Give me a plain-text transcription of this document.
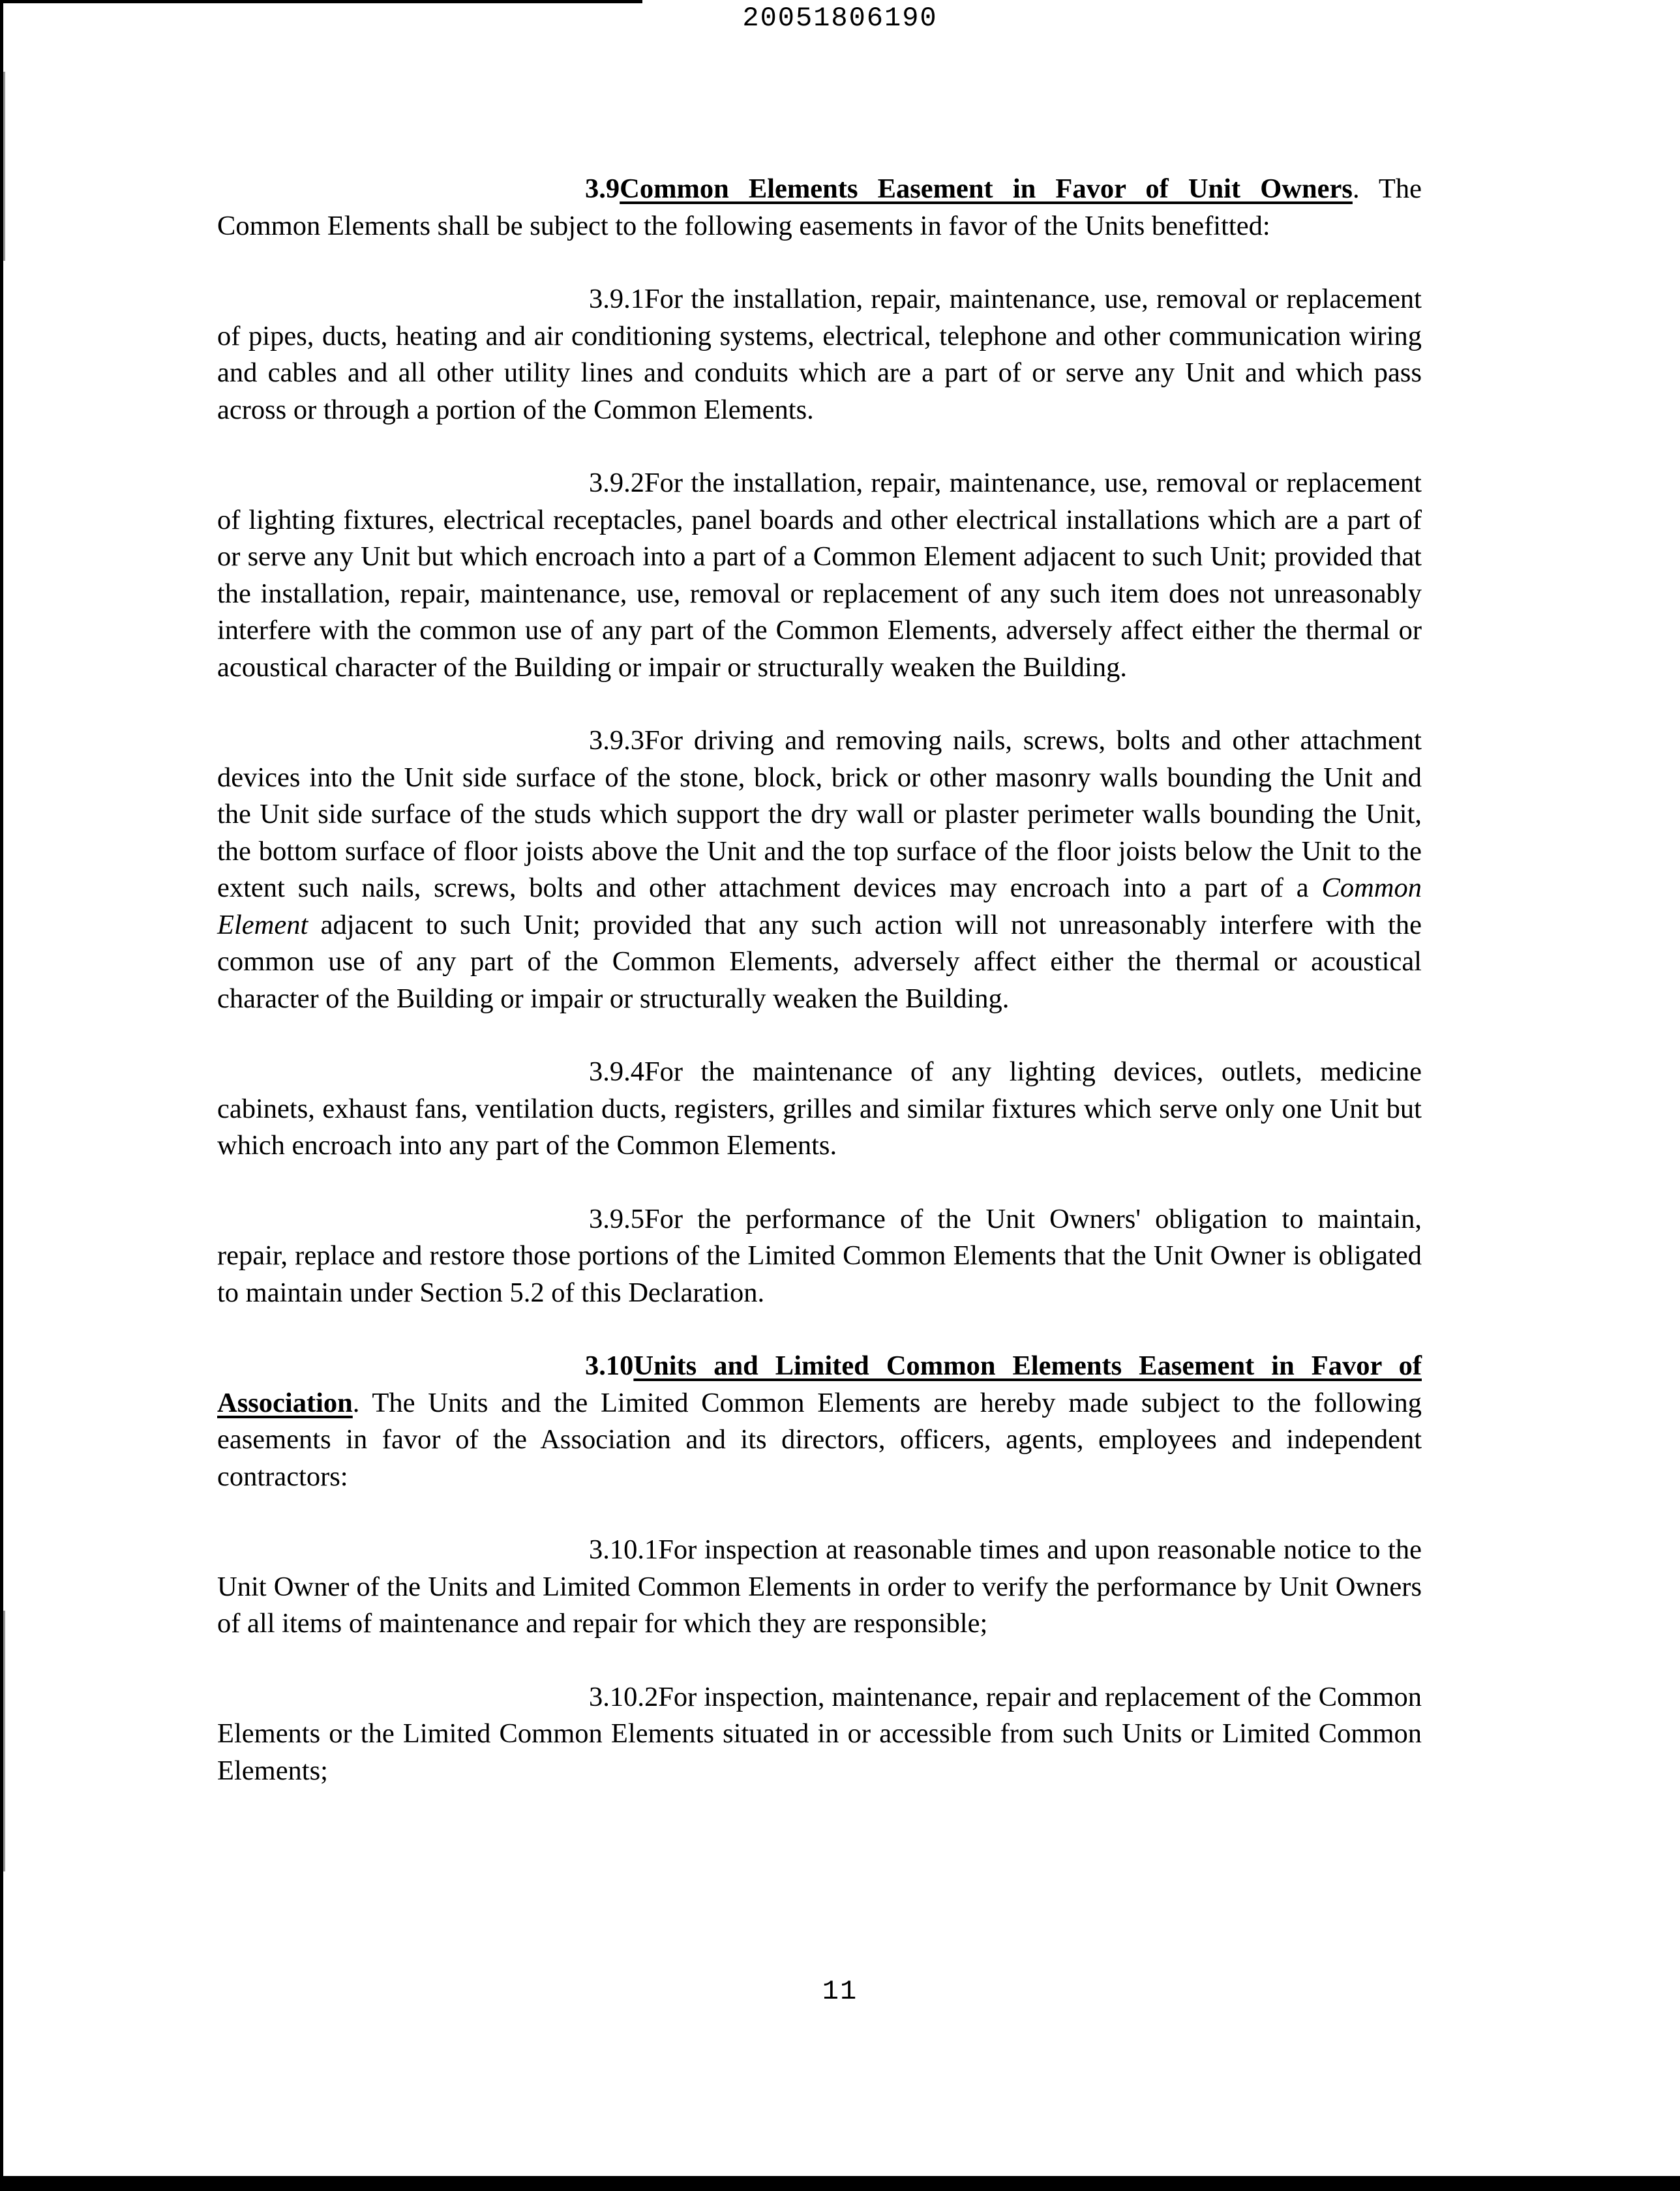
20051806190

3.9Common Elements Easement in Favor of Unit Owners. The Common Elements shall be subject to the following easements in favor of the Units benefitted:

3.9.1For the installation, repair, maintenance, use, removal or replacement of pipes, ducts, heating and air conditioning systems, electrical, telephone and other communication wiring and cables and all other utility lines and conduits which are a part of or serve any Unit and which pass across or through a portion of the Common Elements.

3.9.2For the installation, repair, maintenance, use, removal or replacement of lighting fixtures, electrical receptacles, panel boards and other electrical installations which are a part of or serve any Unit but which encroach into a part of a Common Element adjacent to such Unit; provided that the installation, repair, maintenance, use, removal or replacement of any such item does not unreasonably interfere with the common use of any part of the Common Elements, adversely affect either the thermal or acoustical character of the Building or impair or structurally weaken the Building.

3.9.3For driving and removing nails, screws, bolts and other attachment devices into the Unit side surface of the stone, block, brick or other masonry walls bounding the Unit and the Unit side surface of the studs which support the dry wall or plaster perimeter walls bounding the Unit, the bottom surface of floor joists above the Unit and the top surface of the floor joists below the Unit to the extent such nails, screws, bolts and other attachment devices may encroach into a part of a Common Element adjacent to such Unit; provided that any such action will not unreasonably interfere with the common use of any part of the Common Elements, adversely affect either the thermal or acoustical character of the Building or impair or structurally weaken the Building.

3.9.4For the maintenance of any lighting devices, outlets, medicine cabinets, exhaust fans, ventilation ducts, registers, grilles and similar fixtures which serve only one Unit but which encroach into any part of the Common Elements.

3.9.5For the performance of the Unit Owners' obligation to maintain, repair, replace and restore those portions of the Limited Common Elements that the Unit Owner is obligated to maintain under Section 5.2 of this Declaration.

3.10Units and Limited Common Elements Easement in Favor of Association. The Units and the Limited Common Elements are hereby made subject to the following easements in favor of the Association and its directors, officers, agents, employees and independent contractors:

3.10.1For inspection at reasonable times and upon reasonable notice to the Unit Owner of the Units and Limited Common Elements in order to verify the performance by Unit Owners of all items of maintenance and repair for which they are responsible;

3.10.2For inspection, maintenance, repair and replacement of the Common Elements or the Limited Common Elements situated in or accessible from such Units or Limited Common Elements;

11
